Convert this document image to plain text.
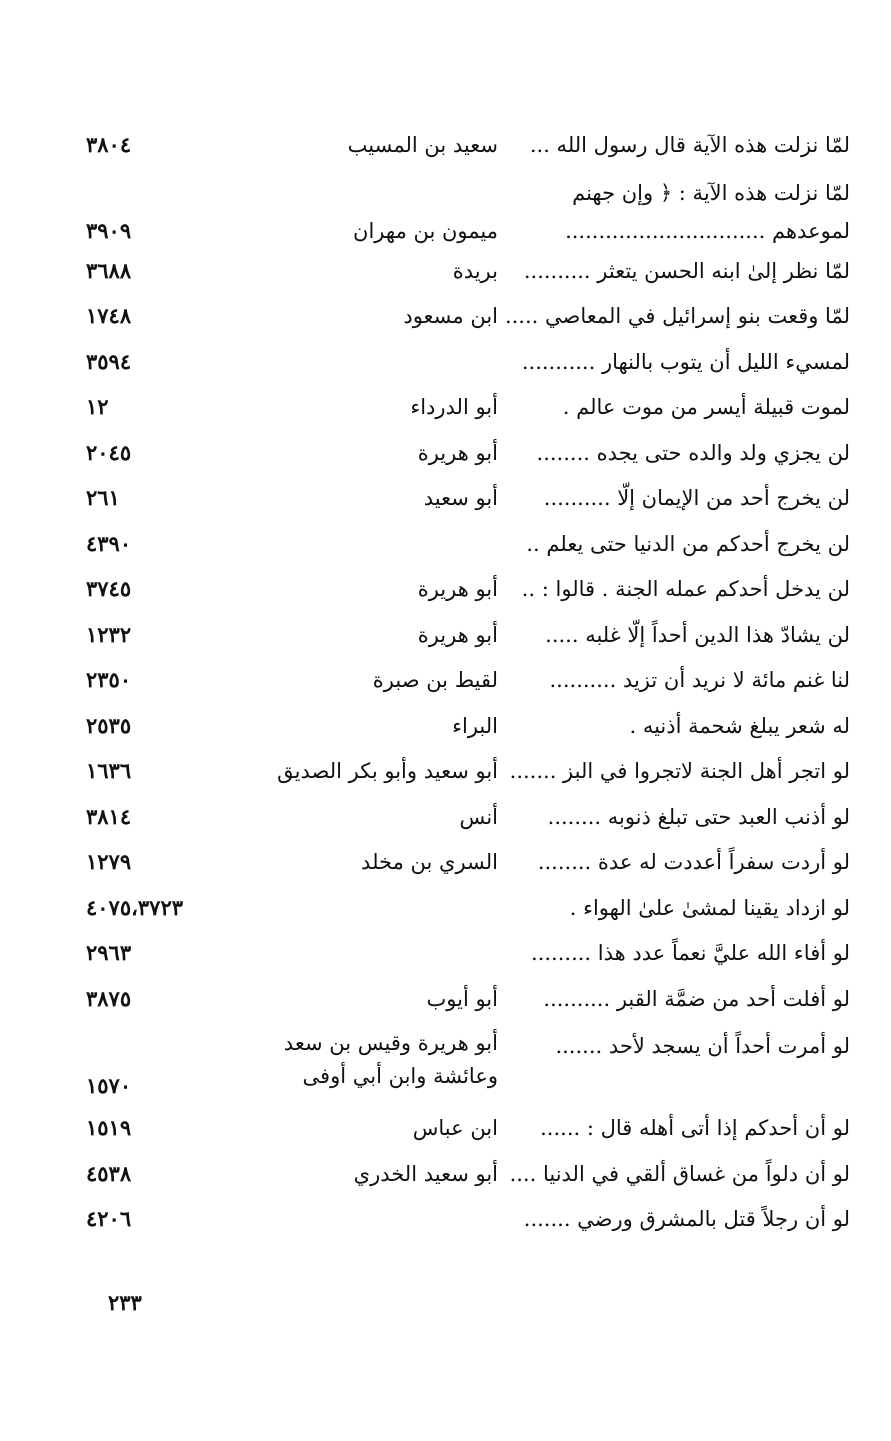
لمّا نزلت هذه الآية قال رسول الله ...
سعيد بن المسيب
٣٨٠٤
لمّا نزلت هذه الآية : ﴿ وإن جهنم لموعدهم ..............................
ميمون بن مهران
٣٩٠٩
لمّا نظر إلىٰ ابنه الحسن يتعثر ..........
بريدة
٣٦٨٨
لمّا وقعت بنو إسرائيل في المعاصي .....
ابن مسعود
١٧٤٨
لمسيء الليل أن يتوب بالنهار ...........
٣٥٩٤
لموت قبيلة أيسر من موت عالم .
أبو الدرداء
١٢
لن يجزي ولد والده حتى يجده ........
أبو هريرة
٢٠٤٥
لن يخرج أحد من الإيمان إلّا ..........
أبو سعيد
٢٦١
لن يخرج أحدكم من الدنيا حتى يعلم ..
٤٣٩٠
لن يدخل أحدكم عمله الجنة . قالوا : ..
أبو هريرة
٣٧٤٥
لن يشادّ هذا الدين أحداً إلّا غلبه .....
أبو هريرة
١٢٣٢
لنا غنم مائة لا نريد أن تزيد ..........
لقيط بن صبرة
٢٣٥٠
له شعر يبلغ شحمة أذنيه .
البراء
٢٥٣٥
لو اتجر أهل الجنة لاتجروا في البز .......
أبو سعيد وأبو بكر الصديق
١٦٣٦
لو أذنب العبد حتى تبلغ ذنوبه ........
أنس
٣٨١٤
لو أردت سفراً أعددت له عدة ........
السري بن مخلد
١٢٧٩
لو ازداد يقينا لمشىٰ علىٰ الهواء .
٤٠٧٥،٣٧٢٣
لو أفاء الله عليَّ نعماً عدد هذا .........
٢٩٦٣
لو أفلت أحد من ضمَّة القبر ..........
أبو أيوب
٣٨٧٥
لو أمرت أحداً أن يسجد لأحد .......
أبو هريرة وقيس بن سعد وعائشة وابن أبي أوفى
١٥٧٠
لو أن أحدكم إذا أتى أهله قال : ......
ابن عباس
١٥١٩
لو أن دلواً من غساق ألقي في الدنيا ....
أبو سعيد الخدري
٤٥٣٨
لو أن رجلاً قتل بالمشرق ورضي .......
٤٢٠٦
٢٣٣
